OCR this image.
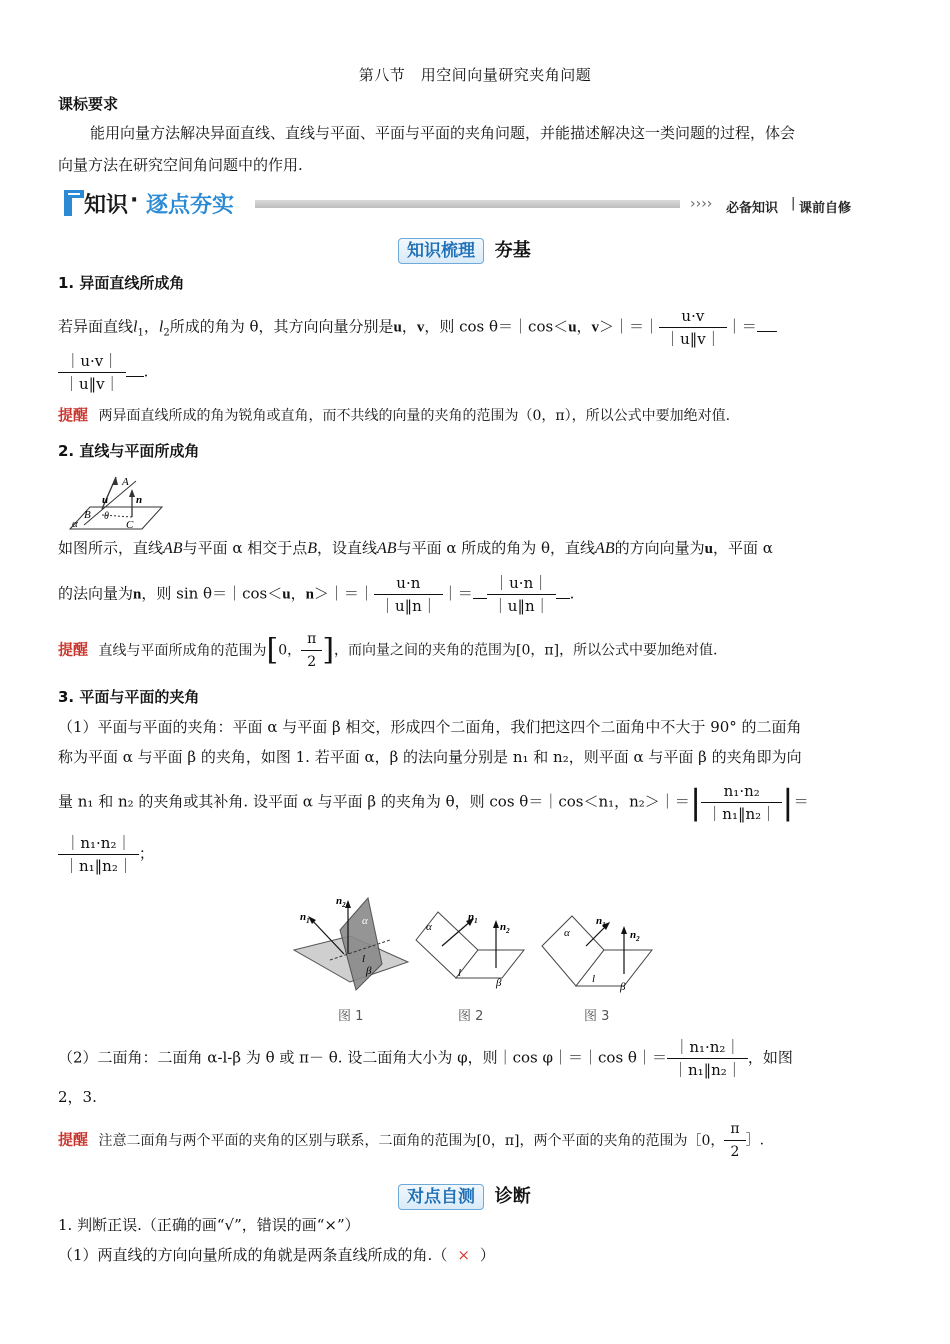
第八节　用空间向量研究夹角问题
课标要求
能用向量方法解决异面直线、直线与平面、平面与平面的夹角问题，并能描述解决这一类问题的过程，体会
向量方法在研究空间角问题中的作用.
知识 · 逐点夯实	›››› 必备知识 | 课前自修
知识梳理 夯基
1. 异面直线所成角
若异面直线$l_1$，$l_2$所成的角为 θ，其方向向量分别是u，v，则 cos θ＝｜cos＜u，v＞｜＝｜ $\frac{u\cdot v}{|u‖v|}$ ｜＝
$\frac{|u\cdot v|}{|u‖v|}$ .
提醒 两异面直线所成的角为锐角或直角，而不共线的向量的夹角的范围为（0，π），所以公式中要加绝对值.
2. 直线与平面所成角
A
u	n
B θ
α	C
如图所示，直线AB与平面 α 相交于点B，设直线AB与平面 α 所成的角为 θ，直线AB的方向向量为u，平面 α
的法向量为n，则 sin θ＝｜cos＜u，n＞｜＝｜ $\frac{u\cdot n}{|u‖n|}$ ｜＝ $\frac{|u\cdot n|}{|u‖n|}$ .
提醒 直线与平面所成角的范围为[0， $\frac{\pi}{2}$ ]，而向量之间的夹角的范围为[0，π]，所以公式中要加绝对值.
3. 平面与平面的夹角
（1）平面与平面的夹角：平面 α 与平面 β 相交，形成四个二面角，我们把这四个二面角中不大于 90° 的二面角
称为平面 α 与平面 β 的夹角，如图 1. 若平面 α，β 的法向量分别是 n₁ 和 n₂，则平面 α 与平面 β 的夹角即为向
量 n₁ 和 n₂ 的夹角或其补角. 设平面 α 与平面 β 的夹角为 θ，则 cos θ＝｜cos＜n₁，n₂＞｜＝| $\frac{\text{n₁·n₂}}{\text{｜n₁‖n₂｜}}$ |＝
$\frac{\text{｜n₁·n₂｜}}{\text{｜n₁‖n₂｜}}$ ；
$n_1$
$n_2$
α
β
l
图 1
$n_1$ $n_2$
α
β
l
图 2
$n_1$
$n_2$
α
β
l
图 3
（2）二面角：二面角 α-l-β 为 θ 或 π－ θ. 设二面角大小为 φ，则｜cos φ｜＝｜cos θ｜＝ $\frac{\text{｜n₁·n₂｜}}{\text{｜n₁‖n₂｜}}$ ，如图
2，3.
提醒 注意二面角与两个平面的夹角的区别与联系，二面角的范围为[0，π]，两个平面的夹角的范围为［0， $\frac{\pi}{2}$ ］.
对点自测 诊断
1. 判断正误.（正确的画“√”，错误的画“×”）
（1）两直线的方向向量所成的角就是两条直线所成的角.（ × ）
